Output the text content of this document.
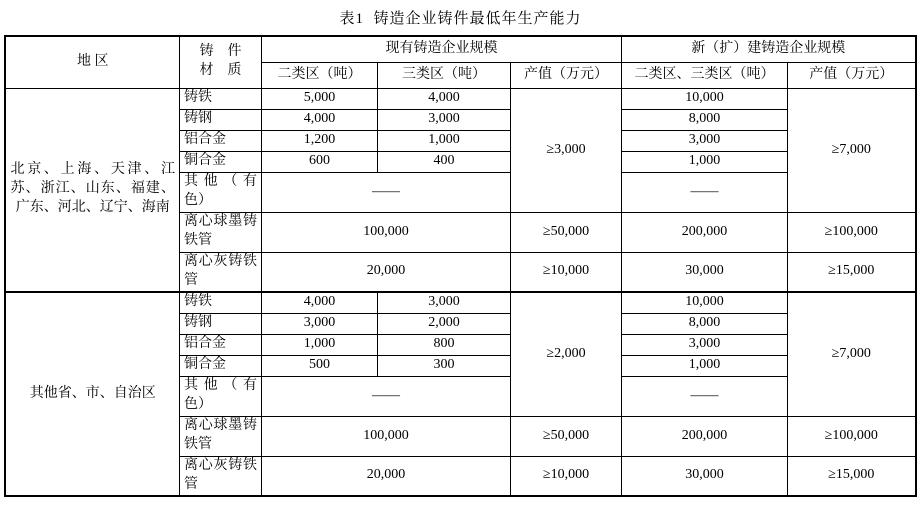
表1  铸造企业铸件最低年生产能力
地 区	铸　件
材　质	现有铸造企业规模			新（扩）建铸造企业规模	
		二类区（吨）	三类区（吨）	产值（万元）	二类区、三类区（吨）	产值（万元）
北京、上海、天津、江苏、浙江、山东、福建、广东、河北、辽宁、海南	铸铁	5,000	4,000	≥3,000	10,000	≥7,000
	铸钢	4,000	3,000		8,000	
	铝合金	1,200	1,000		3,000	
	铜合金	600	400		1,000	
	其他（有色）	——			——	
	离心球墨铸铁管	100,000		≥50,000	200,000	≥100,000
	离心灰铸铁管	20,000		≥10,000	30,000	≥15,000
其他省、市、自治区	铸铁	4,000	3,000	≥2,000	10,000	≥7,000
	铸钢	3,000	2,000		8,000	
	铝合金	1,000	800		3,000	
	铜合金	500	300		1,000	
	其他（有色）	——			——	
	离心球墨铸铁管	100,000		≥50,000	200,000	≥100,000
	离心灰铸铁管	20,000		≥10,000	30,000	≥15,000
